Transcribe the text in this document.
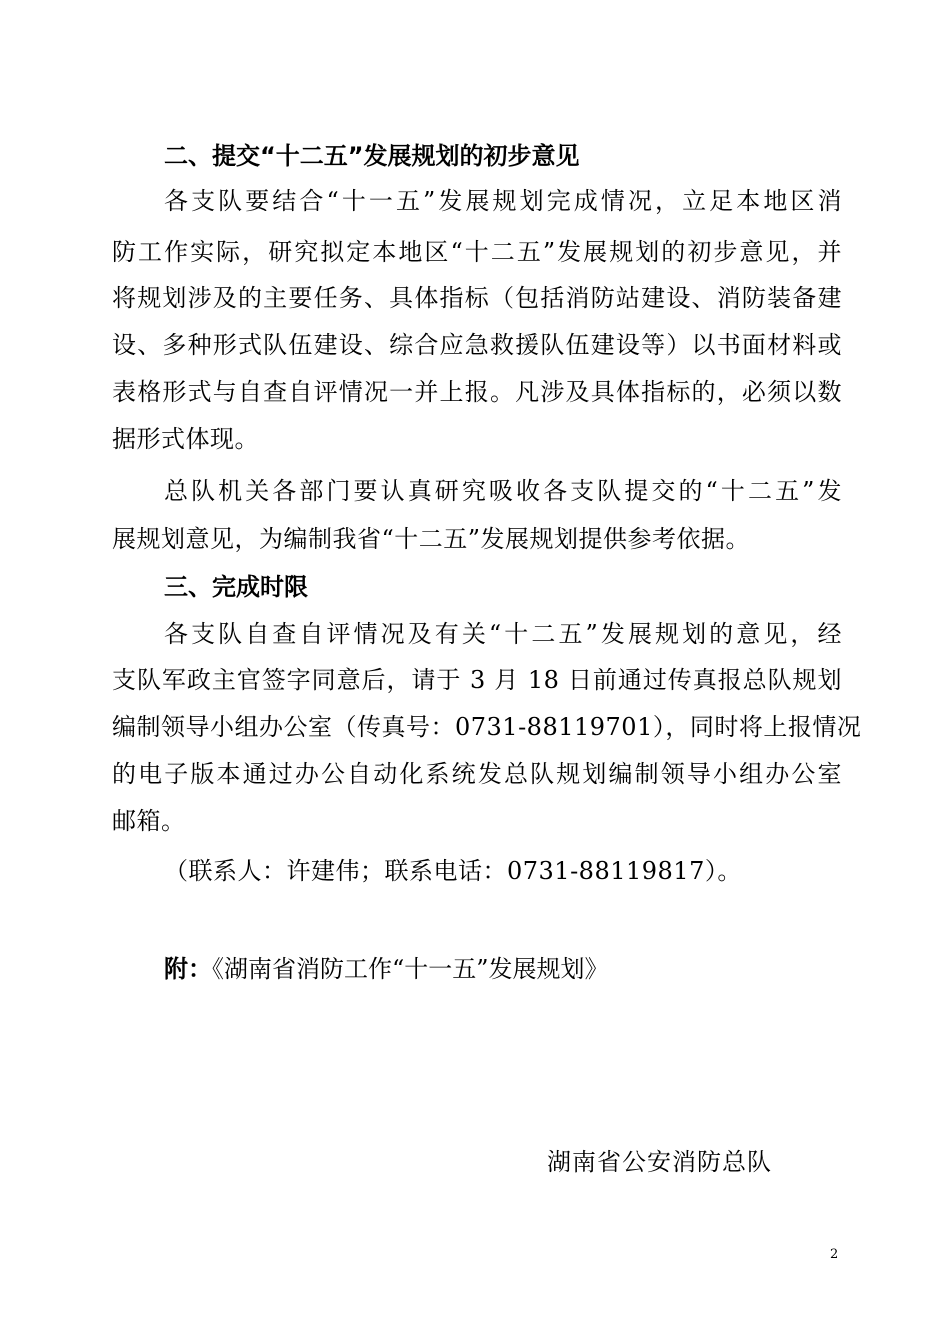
二、提交“十二五”发展规划的初步意见
各支队要结合“十一五”发展规划完成情况，立足本地区消
防工作实际，研究拟定本地区“十二五”发展规划的初步意见，并
将规划涉及的主要任务、具体指标（包括消防站建设、消防装备建
设、多种形式队伍建设、综合应急救援队伍建设等）以书面材料或
表格形式与自查自评情况一并上报。凡涉及具体指标的，必须以数
据形式体现。
总队机关各部门要认真研究吸收各支队提交的“十二五”发
展规划意见，为编制我省“十二五”发展规划提供参考依据。
三、完成时限
各支队自查自评情况及有关“十二五”发展规划的意见，经
支队军政主官签字同意后，请于 3 月 18 日前通过传真报总队规划
编制领导小组办公室（传真号：0731-88119701），同时将上报情况
的电子版本通过办公自动化系统发总队规划编制领导小组办公室
邮箱。
（联系人：许建伟；联系电话：0731-88119817）。
附：《湖南省消防工作“十一五”发展规划》
湖南省公安消防总队
2
